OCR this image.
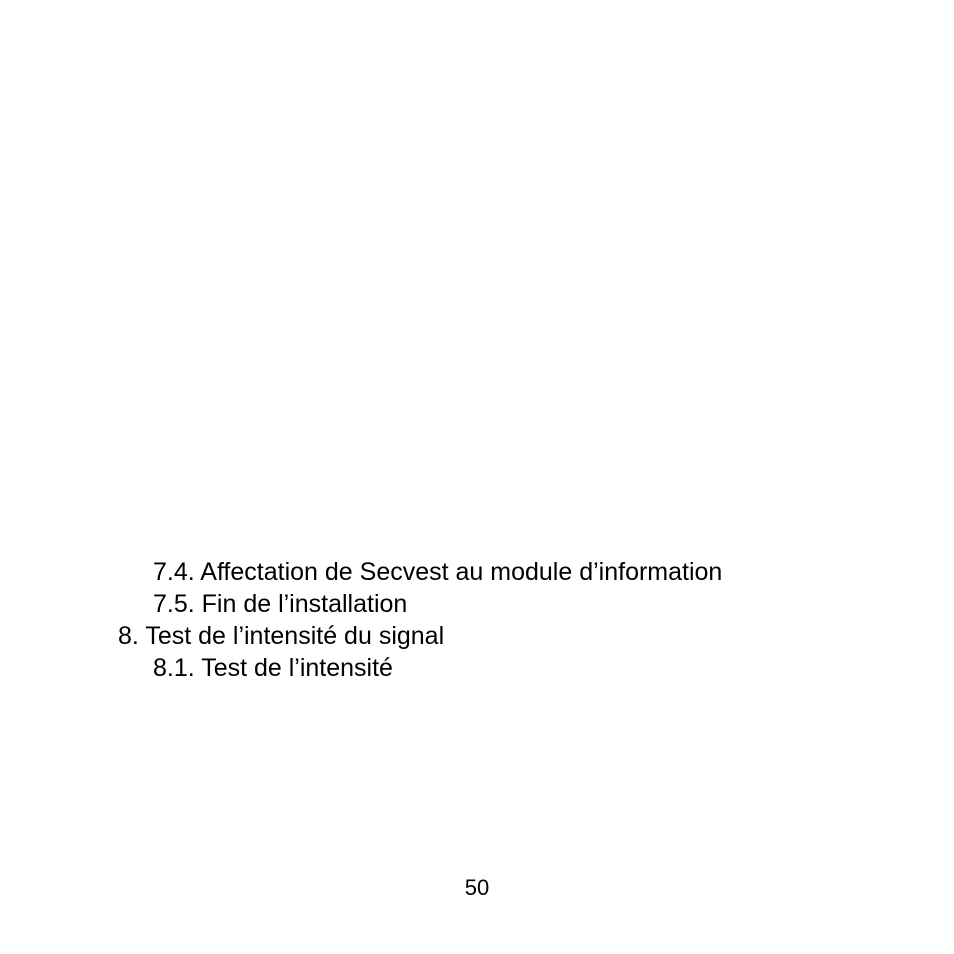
7.4. Affectation de Secvest au module d’information

7.5. Fin de l’installation

8. Test de l’intensité du signal

8.1. Test de l’intensité

50
